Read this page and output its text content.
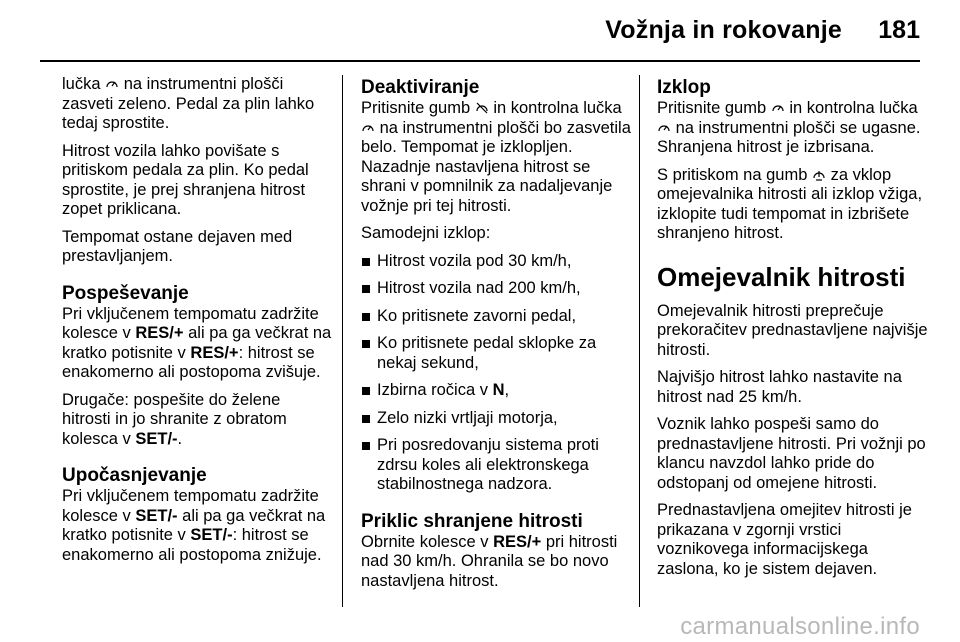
Vožnja in rokovanje 181

lučka na instrumentni plošči zasveti zeleno. Pedal za plin lahko tedaj sprostite.

Hitrost vozila lahko povišate s pritiskom pedala za plin. Ko pedal sprostite, je prej shranjena hitrost zopet priklicana.

Tempomat ostane dejaven med prestavljanjem.

Pospeševanje

Pri vključenem tempomatu zadržite kolesce v RES/+ ali pa ga večkrat na kratko potisnite v RES/+: hitrost se enakomerno ali postopoma zvišuje.

Drugače: pospešite do želene hitrosti in jo shranite z obratom kolesca v SET/-.

Upočasnjevanje

Pri vključenem tempomatu zadržite kolesce v SET/- ali pa ga večkrat na kratko potisnite v SET/-: hitrost se enakomerno ali postopoma znižuje.

Deaktiviranje

Pritisnite gumb in kontrolna lučka  na instrumentni plošči bo zasvetila belo. Tempomat je izklopljen. Nazadnje nastavljena hitrost se shrani v pomnilnik za nadaljevanje vožnje pri tej hitrosti.

Samodejni izklop:

Hitrost vozila pod 30 km/h,
Hitrost vozila nad 200 km/h,
Ko pritisnete zavorni pedal,
Ko pritisnete pedal sklopke za nekaj sekund,
Izbirna ročica v N,
Zelo nizki vrtljaji motorja,
Pri posredovanju sistema proti zdrsu koles ali elektronskega stabilnostnega nadzora.
Priklic shranjene hitrosti

Obrnite kolesce v RES/+ pri hitrosti nad 30 km/h. Ohranila se bo novo nastavljena hitrost.

Izklop

Pritisnite gumb in kontrolna lučka  na instrumentni plošči se ugasne. Shranjena hitrost je izbrisana.

S pritiskom na gumb za vklop omejevalnika hitrosti ali izklop vžiga, izklopite tudi tempomat in izbrišete shranjeno hitrost.

Omejevalnik hitrosti

Omejevalnik hitrosti preprečuje prekoračitev prednastavljene najvišje hitrosti.

Najvišjo hitrost lahko nastavite na hitrost nad 25 km/h.

Voznik lahko pospeši samo do prednastavljene hitrosti. Pri vožnji po klancu navzdol lahko pride do odstopanj od omejene hitrosti.

Prednastavljena omejitev hitrosti je prikazana v zgornji vrstici voznikovega informacijskega zaslona, ko je sistem dejaven.

carmanualsonline.info
